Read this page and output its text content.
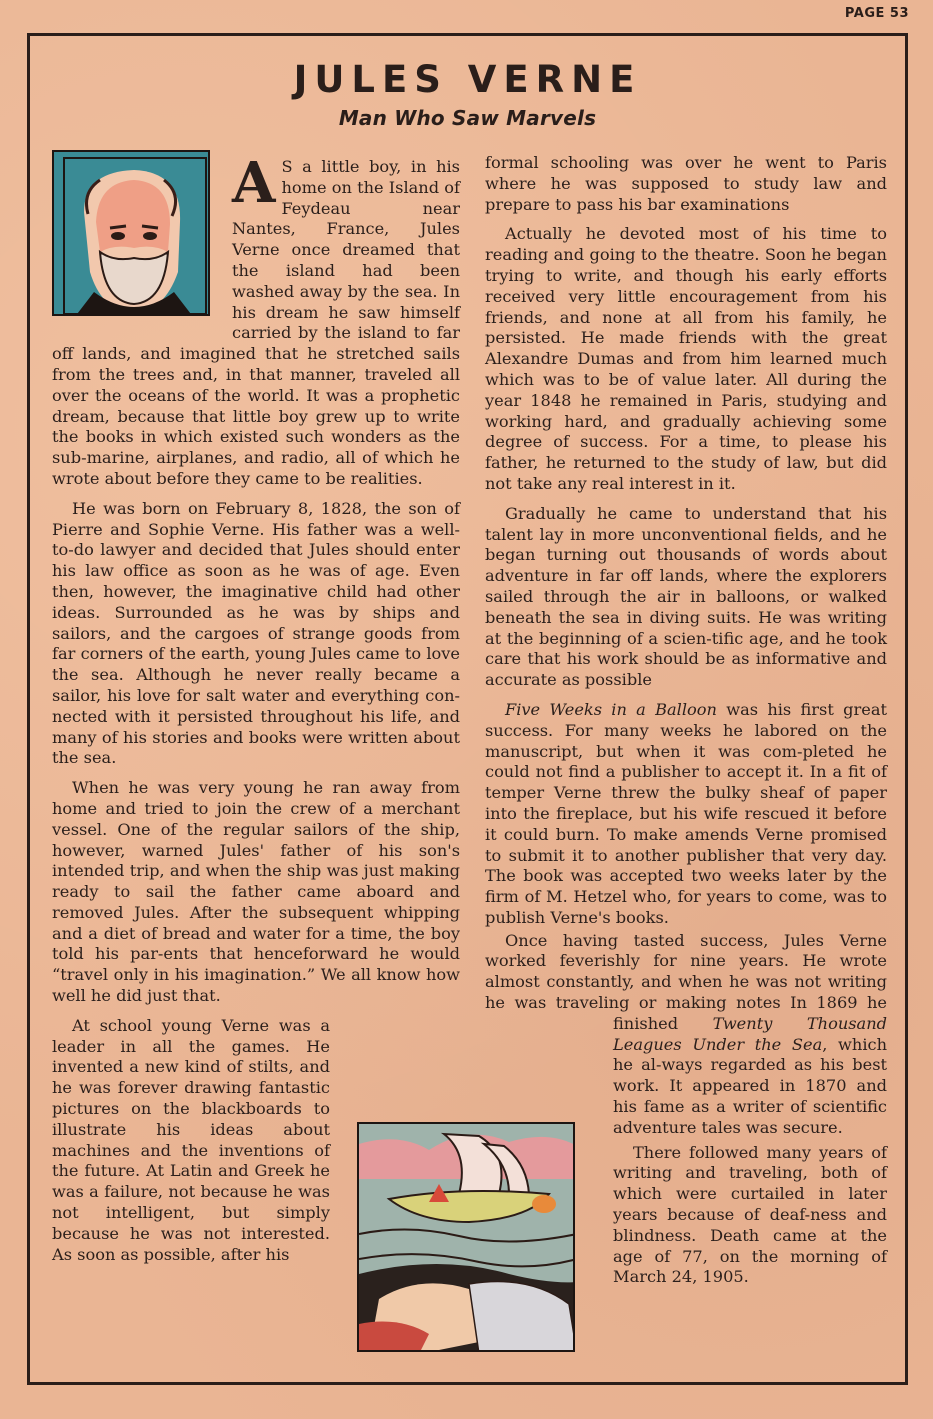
PAGE 53
JULES VERNE
Man Who Saw Marvels

A S a little boy, in his home on the Island of Feydeau near Nantes, France, Jules Verne once dreamed that the island had been washed away by the sea. In his dream he saw himself carried by the island to far off lands, and imagined that he stretched sails from the trees and, in that manner, traveled all over the oceans of the world. It was a prophetic dream, because that little boy grew up to write the books in which existed such wonders as the sub-marine, airplanes, and radio, all of which he wrote about before they came to be realities.

He was born on February 8, 1828, the son of Pierre and Sophie Verne. His father was a well-to-do lawyer and decided that Jules should enter his law office as soon as he was of age. Even then, however, the imaginative child had other ideas. Surrounded as he was by ships and sailors, and the cargoes of strange goods from far corners of the earth, young Jules came to love the sea. Although he never really became a sailor, his love for salt water and everything con-nected with it persisted throughout his life, and many of his stories and books were written about the sea.

When he was very young he ran away from home and tried to join the crew of a merchant vessel. One of the regular sailors of the ship, however, warned Jules' father of his son's intended trip, and when the ship was just making ready to sail the father came aboard and removed Jules. After the subsequent whipping and a diet of bread and water for a time, the boy told his par-ents that henceforward he would “travel only in his imagination.” We all know how well he did just that.

At school young Verne was a leader in all the games. He invented a new kind of stilts, and he was forever drawing fantastic pictures on the blackboards to illustrate his ideas about machines and the inventions of the future. At Latin and Greek he was a failure, not because he was not intelligent, but simply because he was not interested. As soon as possible, after his

formal schooling was over he went to Paris where he was supposed to study law and prepare to pass his bar examinations

Actually he devoted most of his time to reading and going to the theatre. Soon he began trying to write, and though his early efforts received very little encouragement from his friends, and none at all from his family, he persisted. He made friends with the great Alexandre Dumas and from him learned much which was to be of value later. All during the year 1848 he remained in Paris, studying and working hard, and gradually achieving some degree of success. For a time, to please his father, he returned to the study of law, but did not take any real interest in it.

Gradually he came to understand that his talent lay in more unconventional fields, and he began turning out thousands of words about adventure in far off lands, where the explorers sailed through the air in balloons, or walked beneath the sea in diving suits. He was writing at the beginning of a scien-tific age, and he took care that his work should be as informative and accurate as possible

Five Weeks in a Balloon was his first great success. For many weeks he labored on the manuscript, but when it was com-pleted he could not find a publisher to accept it. In a fit of temper Verne threw the bulky sheaf of paper into the fireplace, but his wife rescued it before it could burn. To make amends Verne promised to submit it to another publisher that very day. The book was accepted two weeks later by the firm of M. Hetzel who, for years to come, was to publish Verne's books.

Once having tasted success, Jules Verne worked feverishly for nine years. He wrote almost constantly, and when he was not writing he was traveling or making notes In 1869 he finished
Twenty Thousand Leagues Under the Sea, which he al-ways regarded as his best work. It appeared in 1870 and his fame as a writer of scientific adventure tales was secure.

There followed many years of writing and traveling, both of which were curtailed in later years because of deaf-ness and blindness. Death came at the age of 77, on the morning of March 24, 1905.
